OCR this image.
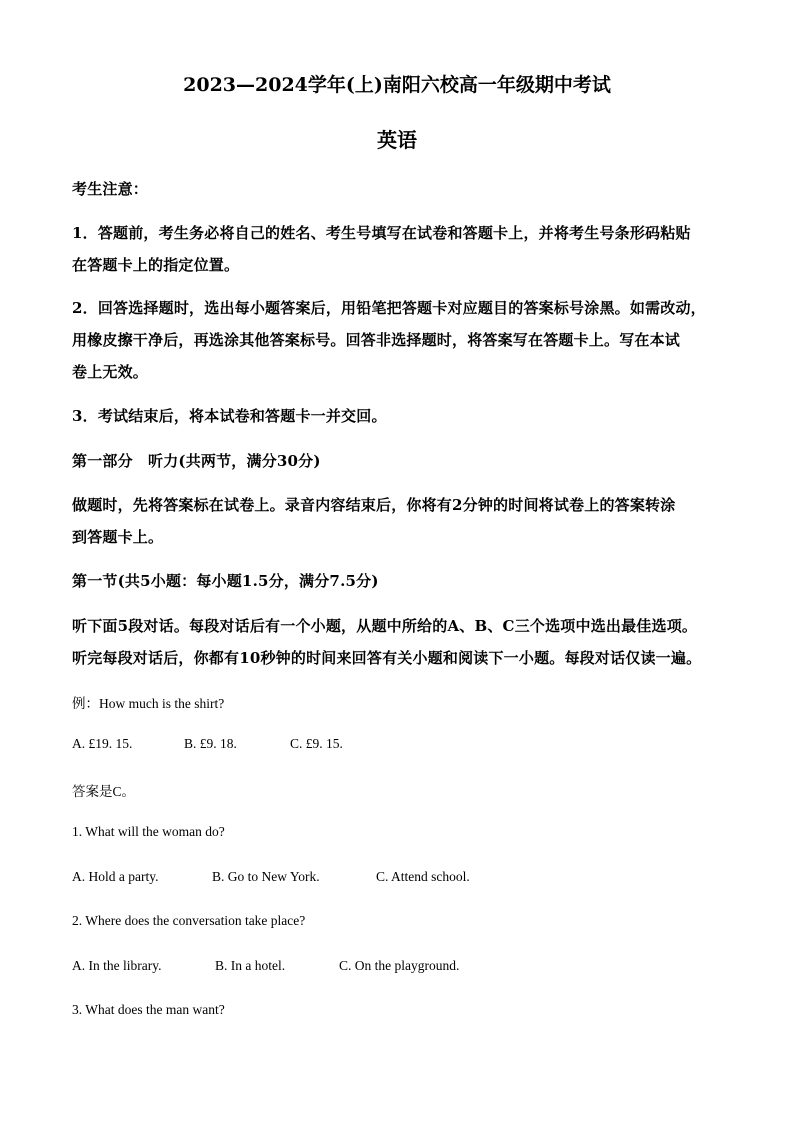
2023—2024学年(上)南阳六校高一年级期中考试
英语
考生注意：
1．答题前，考生务必将自己的姓名、考生号填写在试卷和答题卡上，并将考生号条形码粘贴
在答题卡上的指定位置。
2．回答选择题时，选出每小题答案后，用铅笔把答题卡对应题目的答案标号涂黑。如需改动，
用橡皮擦干净后，再选涂其他答案标号。回答非选择题时，将答案写在答题卡上。写在本试
卷上无效。
3．考试结束后，将本试卷和答题卡一并交回。
第一部分　听力(共两节，满分30分)
做题时，先将答案标在试卷上。录音内容结束后，你将有2分钟的时间将试卷上的答案转涂
到答题卡上。
第一节(共5小题：每小题1.5分，满分7.5分)
听下面5段对话。每段对话后有一个小题，从题中所给的A、B、C三个选项中选出最佳选项。
听完每段对话后，你都有10秒钟的时间来回答有关小题和阅读下一小题。每段对话仅读一遍。
例：How much is the shirt?
A. £19. 15.	B. £9. 18.	C. £9. 15.
答案是C。
1. What will the woman do?
A. Hold a party.	B. Go to New York.	C. Attend school.
2. Where does the conversation take place?
A. In the library.	B. In a hotel.	C. On the playground.
3. What does the man want?
